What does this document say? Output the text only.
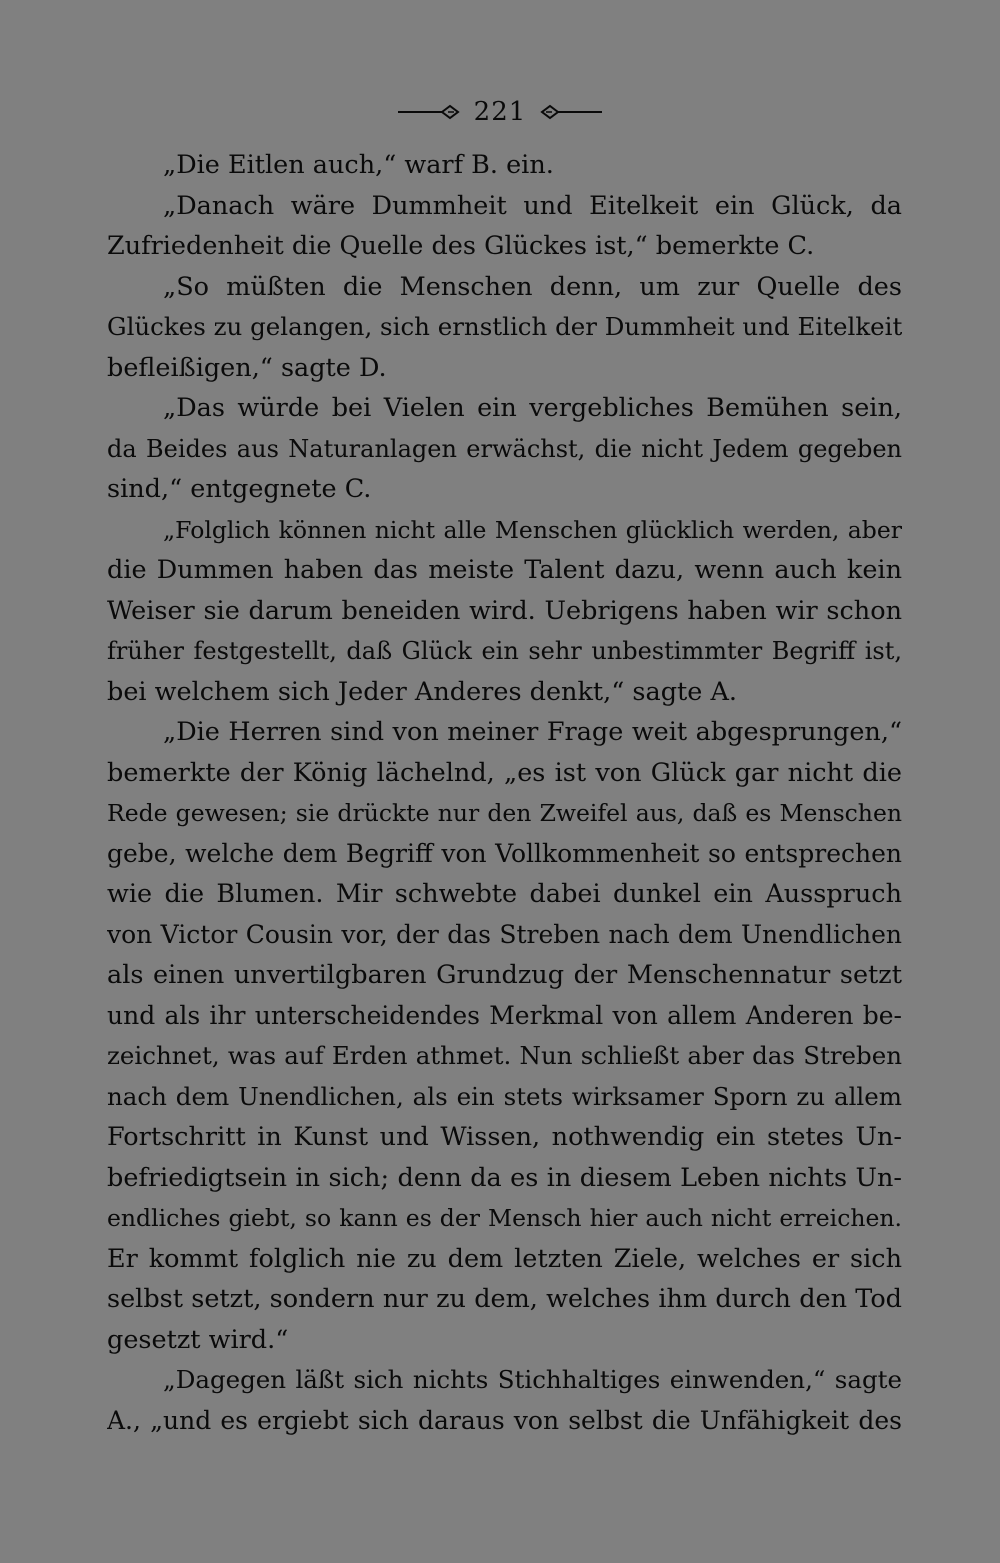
221
„Die Eitlen auch,“ warf B. ein.
„Danach wäre Dummheit und Eitelkeit ein Glück, da
Zufriedenheit die Quelle des Glückes ist,“ bemerkte C.
„So müßten die Menschen denn, um zur Quelle des
Glückes zu gelangen, sich ernstlich der Dummheit und Eitelkeit
befleißigen,“ sagte D.
„Das würde bei Vielen ein vergebliches Bemühen sein,
da Beides aus Naturanlagen erwächst, die nicht Jedem gegeben
sind,“ entgegnete C.
„Folglich können nicht alle Menschen glücklich werden, aber
die Dummen haben das meiste Talent dazu, wenn auch kein
Weiser sie darum beneiden wird. Uebrigens haben wir schon
früher festgestellt, daß Glück ein sehr unbestimmter Begriff ist,
bei welchem sich Jeder Anderes denkt,“ sagte A.
„Die Herren sind von meiner Frage weit abgesprungen,“
bemerkte der König lächelnd, „es ist von Glück gar nicht die
Rede gewesen; sie drückte nur den Zweifel aus, daß es Menschen
gebe, welche dem Begriff von Vollkommenheit so entsprechen
wie die Blumen. Mir schwebte dabei dunkel ein Ausspruch
von Victor Cousin vor, der das Streben nach dem Unendlichen
als einen unvertilgbaren Grundzug der Menschennatur setzt
und als ihr unterscheidendes Merkmal von allem Anderen be-
zeichnet, was auf Erden athmet. Nun schließt aber das Streben
nach dem Unendlichen, als ein stets wirksamer Sporn zu allem
Fortschritt in Kunst und Wissen, nothwendig ein stetes Un-
befriedigtsein in sich; denn da es in diesem Leben nichts Un-
endliches giebt, so kann es der Mensch hier auch nicht erreichen.
Er kommt folglich nie zu dem letzten Ziele, welches er sich
selbst setzt, sondern nur zu dem, welches ihm durch den Tod
gesetzt wird.“
„Dagegen läßt sich nichts Stichhaltiges einwenden,“ sagte
A., „und es ergiebt sich daraus von selbst die Unfähigkeit des
